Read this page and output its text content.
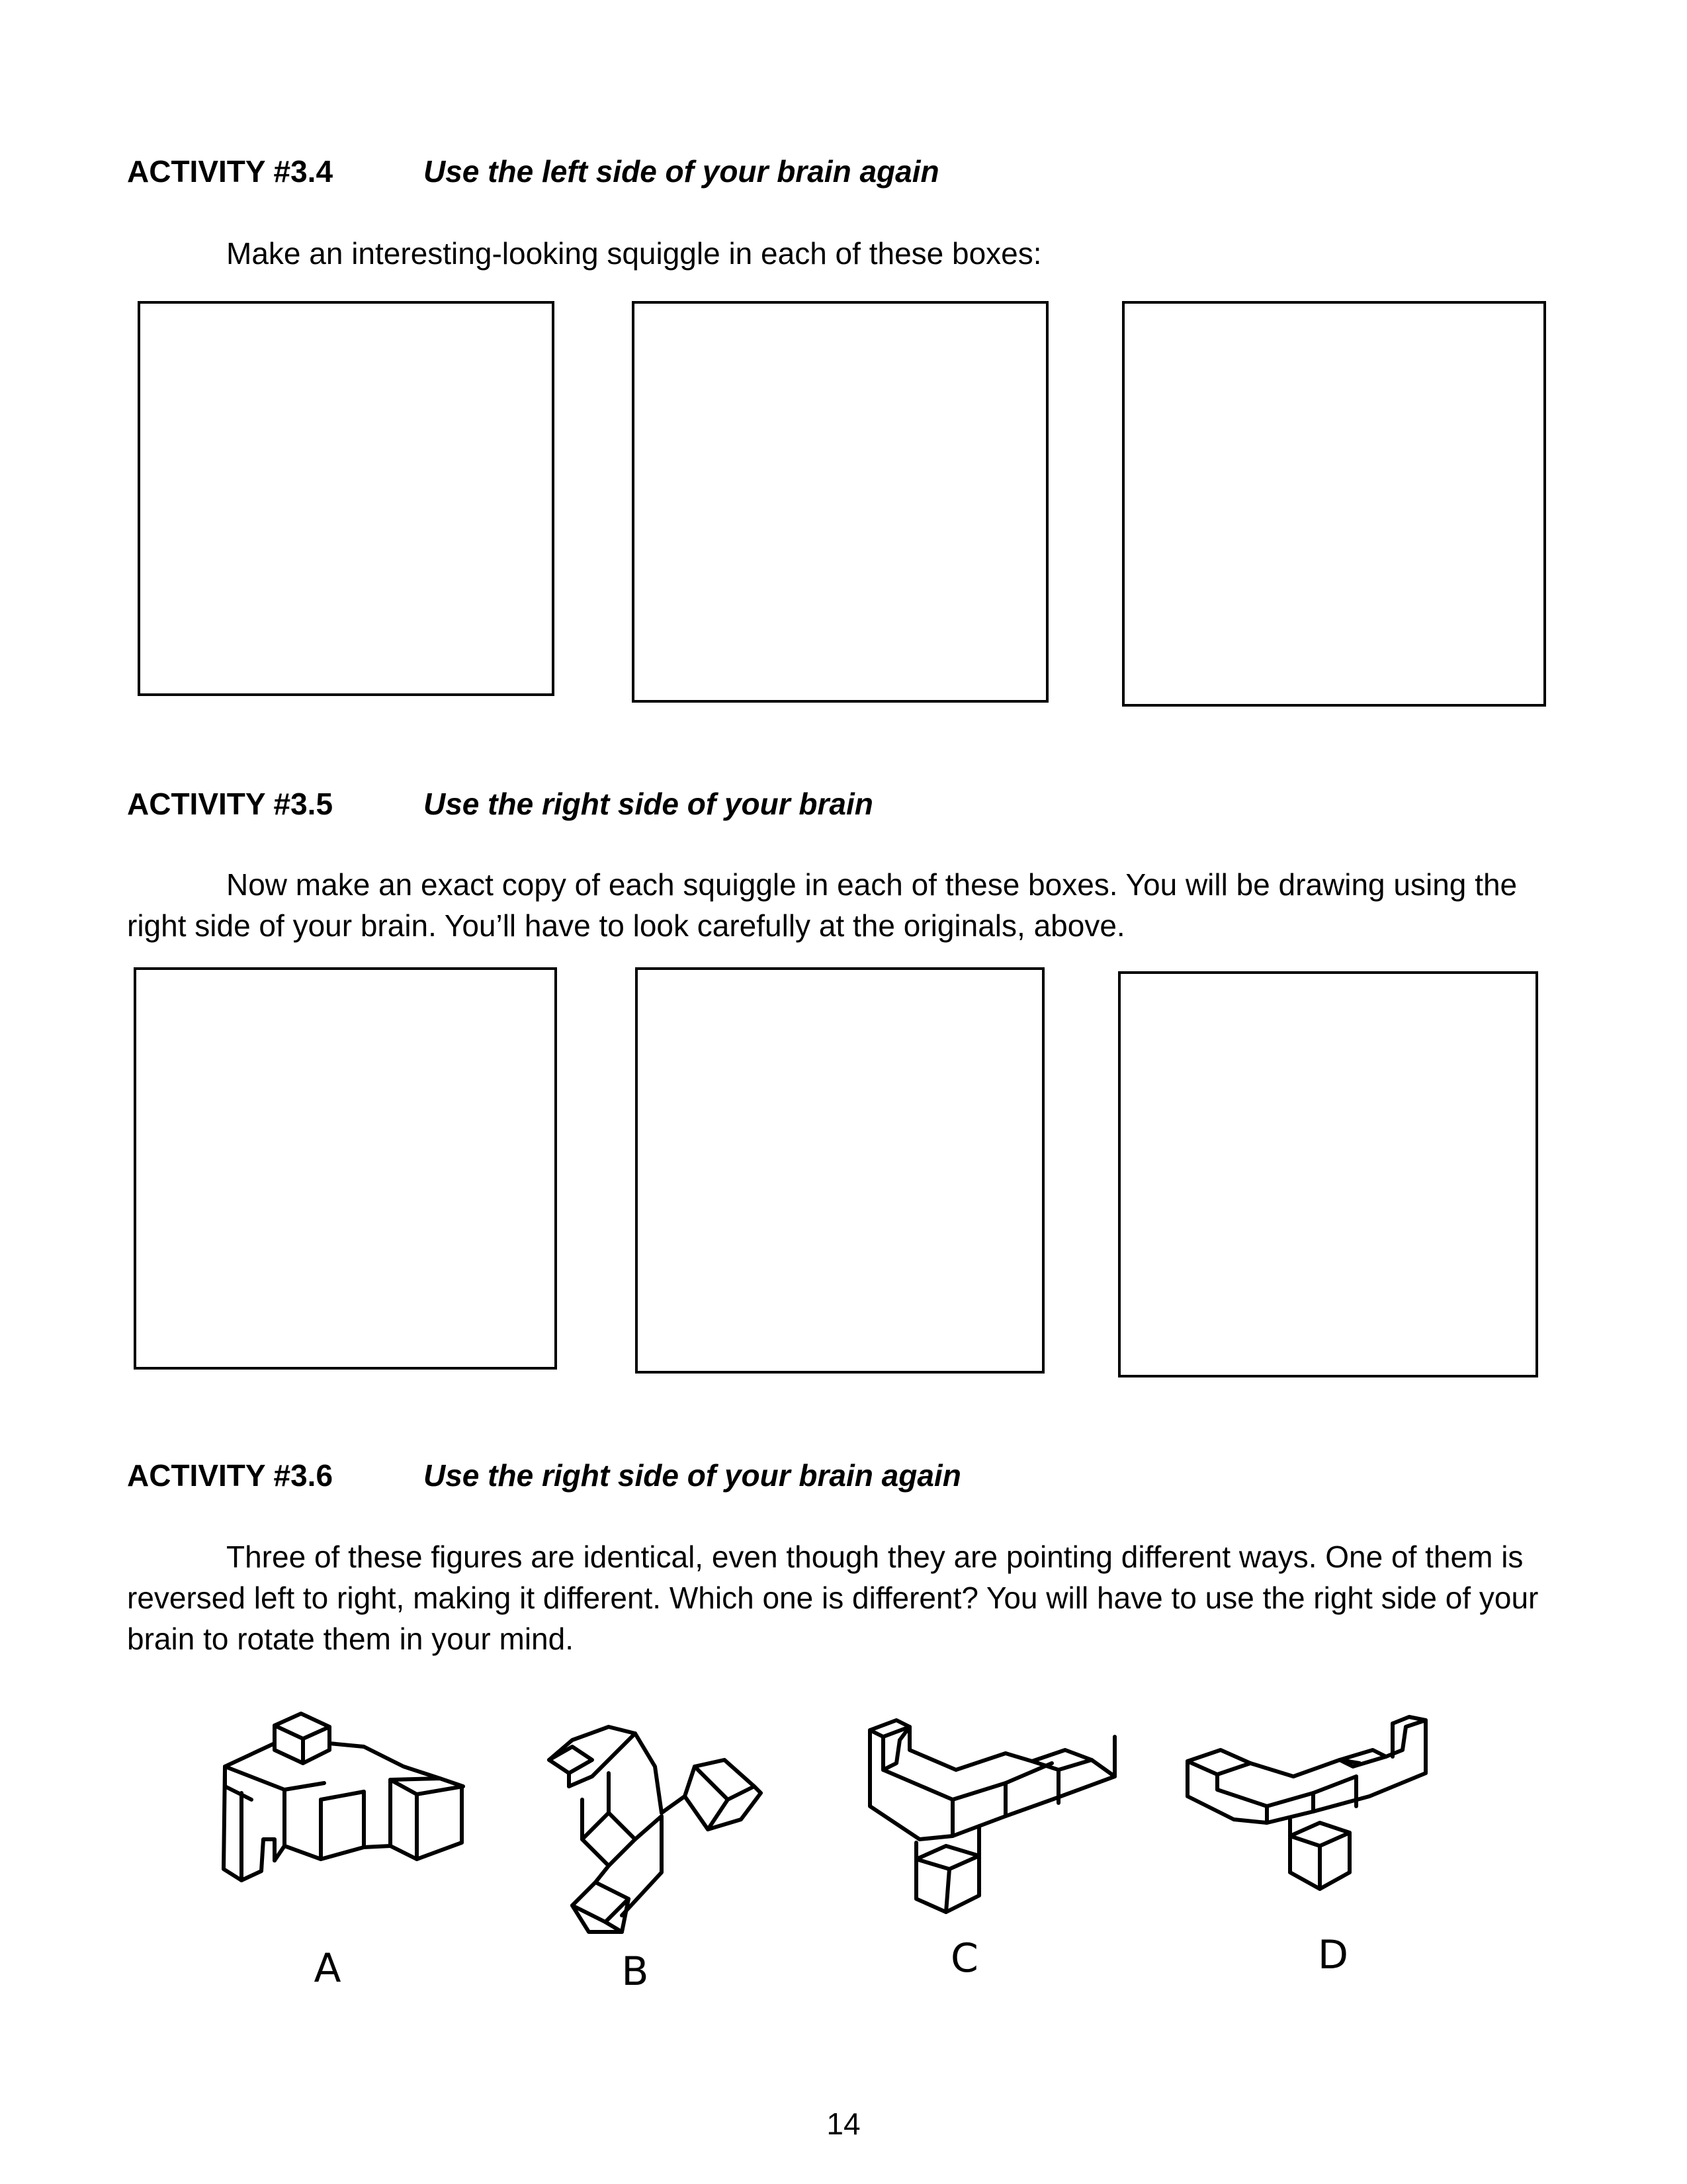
ACTIVITY #3.4	Use the left side of your brain again

Make an interesting-looking squiggle in each of these boxes:

ACTIVITY #3.5	Use the right side of your brain

Now make an exact copy of each squiggle in each of these boxes. You will be drawing using the right side of your brain. You’ll have to look carefully at the originals, above.

ACTIVITY #3.6	Use the right side of your brain again

Three of these figures are identical, even though they are pointing different ways. One of them is reversed left to right, making it different. Which one is different? You will have to use the right side of your brain to rotate them in your mind.

A	B	C	D
14
